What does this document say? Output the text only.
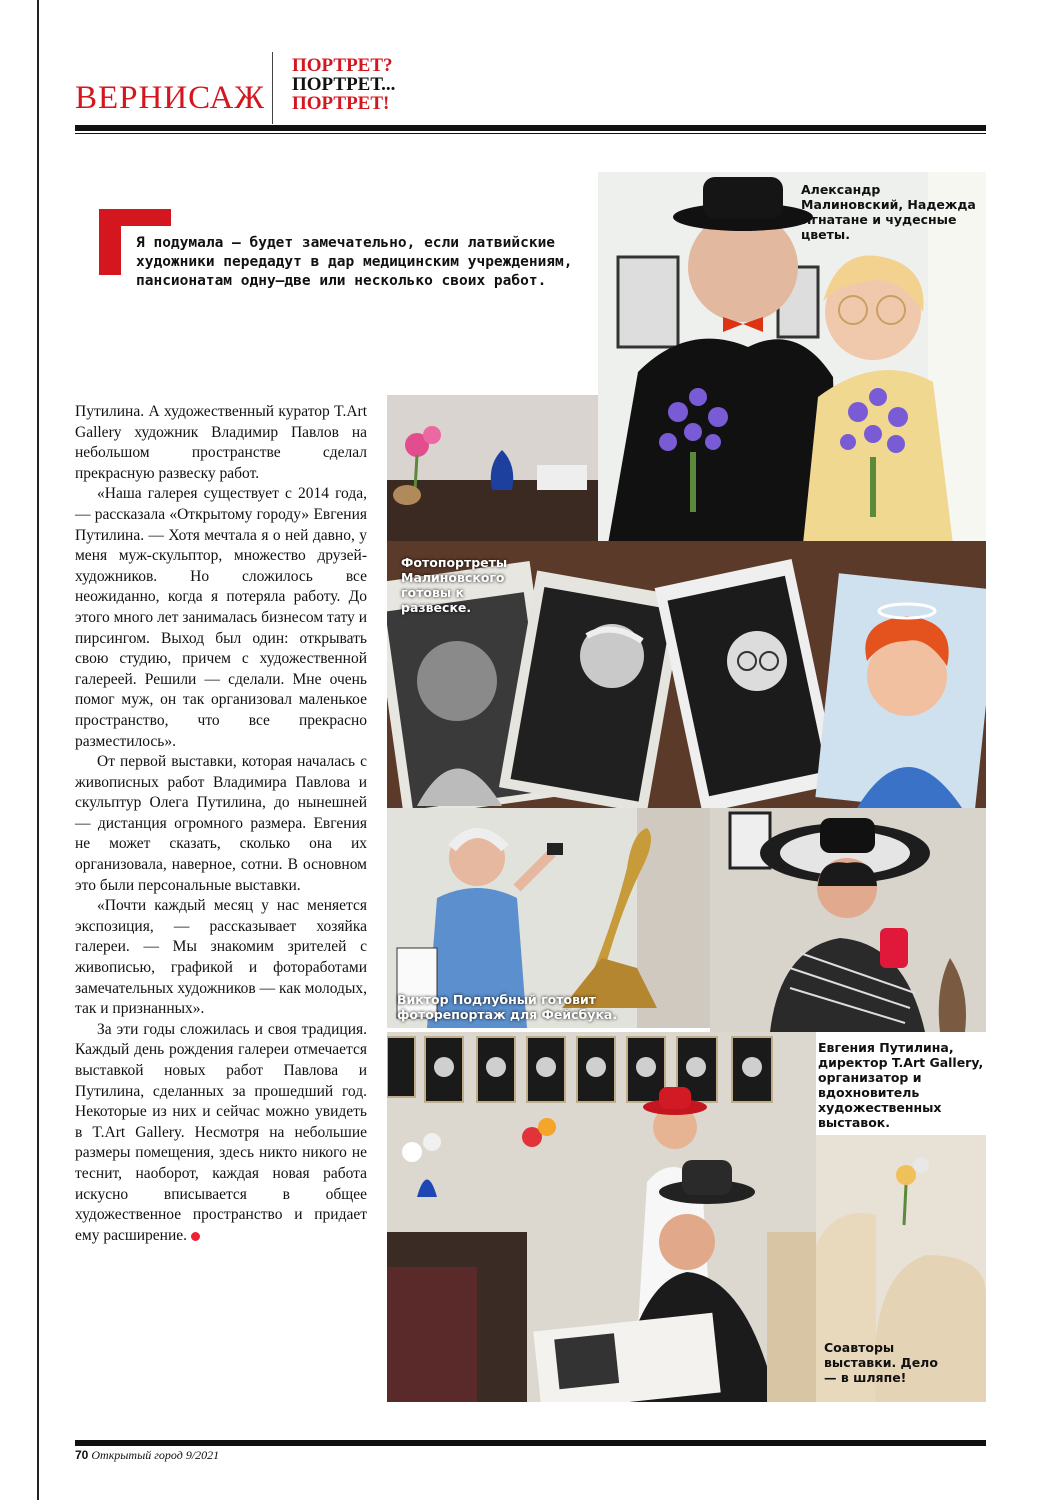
ВЕРНИСАЖ
ПОРТРЕТ?
ПОРТРЕТ...
ПОРТРЕТ!
Я подумала — будет замечательно, если латвийские художники передадут в дар медицинским учреждениям, пансионатам одну–две или несколько своих работ.

Путилина. А художественный куратор T.Art Gallery художник Владимир Павлов на небольшом пространстве сделал прекрасную развеску работ.

«Наша галерея существует с 2014 года, — рассказала «Открытому городу» Евгения Путилина. — Хотя мечтала я о ней давно, у меня муж-скульптор, множество друзей-художников. Но сложилось все неожиданно, когда я потеряла работу. До этого много лет занималась бизнесом тату и пирсингом. Выход был один: открывать свою студию, причем с художественной галереей. Решили — сделали. Мне очень помог муж, он так организовал маленькое пространство, что все прекрасно разместилось».

От первой выставки, которая началась с живописных работ Владимира Павлова и скульптур Олега Путилина, до нынешней — дистанция огромного размера. Евгения не может сказать, сколько она их организовала, наверное, сотни. В основном это были персональные выставки.

«Почти каждый месяц у нас меняется экспозиция, — рассказывает хозяйка галереи. — Мы знакомим зрителей с живописью, графикой и фотоработами замечательных художников — как молодых, так и признанных».

За эти годы сложилась и своя традиция. Каждый день рождения галереи отмечается выставкой новых работ Павлова и Путилина, сделанных за прошедший год. Некоторые из них и сейчас можно увидеть в T.Art Gallery. Несмотря на небольшие размеры помещения, здесь никто никого не теснит, наоборот, каждая новая работа искусно вписывается в общее художественное пространство и придает ему расширение.

Александр Малиновский, Надежда Игнатане и чудесные цветы.
Фотопортреты Малиновского готовы к развеске.
Виктор Подлубный готовит фоторепортаж для Фейсбука.
Евгения Путилина, директор T.Art Gallery, организатор и вдохновитель художественных выставок.
Соавторы выставки. Дело — в шляпе!
70 Открытый город 9/2021
